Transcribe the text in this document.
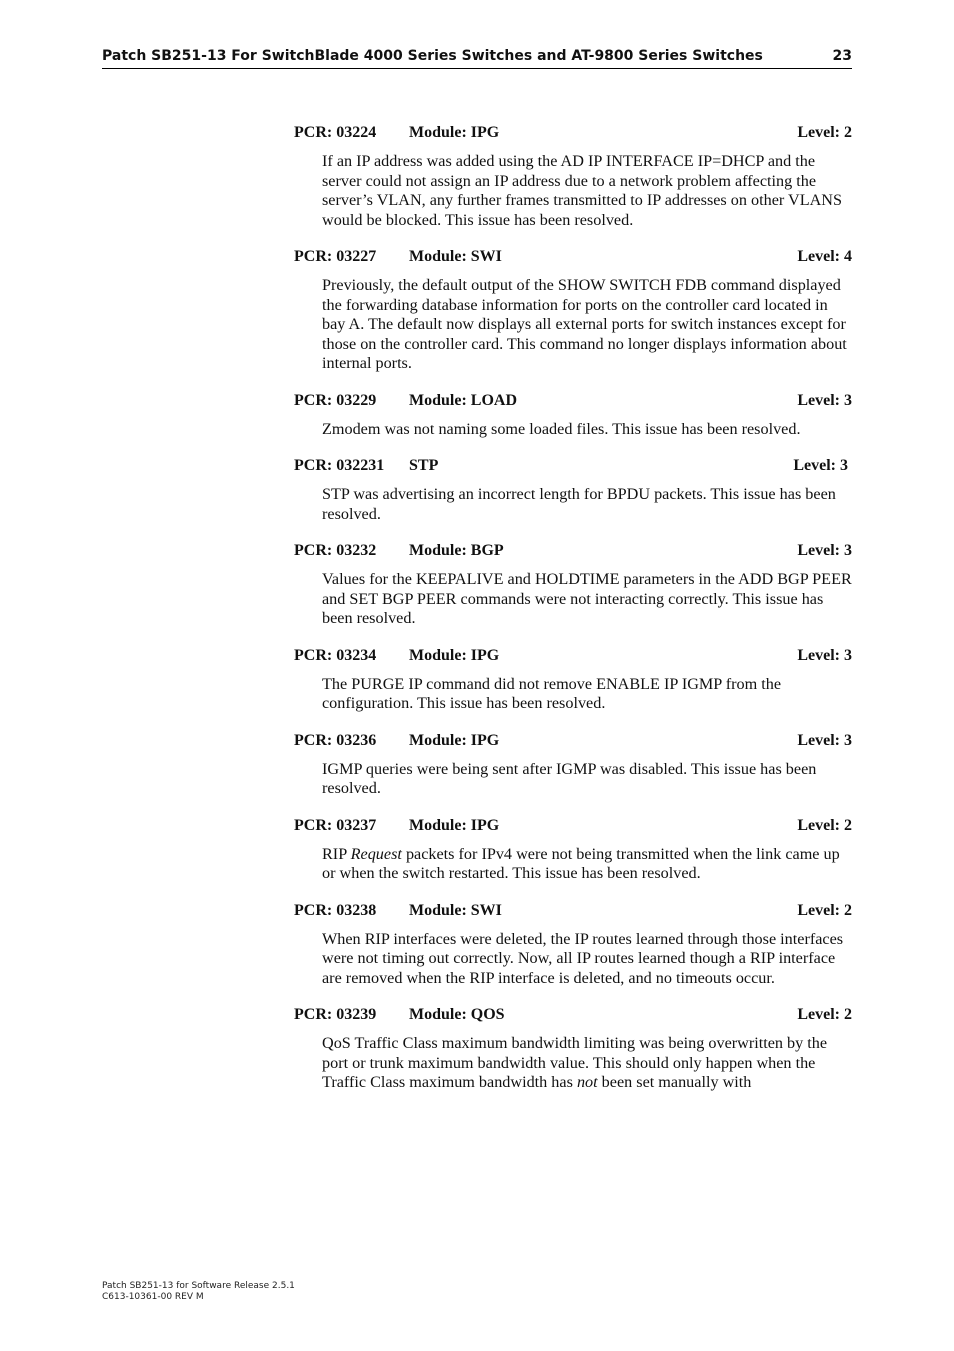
Patch SB251-13 For SwitchBlade 4000 Series Switches and AT-9800 Series Switches	23
PCR: 03224 Module: IPG	Level: 2
If an IP address was added using the AD IP INTERFACE IP=DHCP and the server could not assign an IP address due to a network problem affecting the server’s VLAN, any further frames transmitted to IP addresses on other VLANS would be blocked. This issue has been resolved.
PCR: 03227 Module: SWI	Level: 4
Previously, the default output of the SHOW SWITCH FDB command displayed the forwarding database information for ports on the controller card located in bay A. The default now displays all external ports for switch instances except for those on the controller card. This command no longer displays information about internal ports.
PCR: 03229 Module: LOAD	Level: 3
Zmodem was not naming some loaded files. This issue has been resolved.
PCR: 032231 STP	Level: 3
STP was advertising an incorrect length for BPDU packets. This issue has been resolved.
PCR: 03232 Module: BGP	Level: 3
Values for the KEEPALIVE and HOLDTIME parameters in the ADD BGP PEER and SET BGP PEER commands were not interacting correctly. This issue has been resolved.
PCR: 03234 Module: IPG	Level: 3
The PURGE IP command did not remove ENABLE IP IGMP from the configuration. This issue has been resolved.
PCR: 03236 Module: IPG	Level: 3
IGMP queries were being sent after IGMP was disabled. This issue has been resolved.
PCR: 03237 Module: IPG	Level: 2
RIP Request packets for IPv4 were not being transmitted when the link came up or when the switch restarted. This issue has been resolved.
PCR: 03238 Module: SWI	Level: 2
When RIP interfaces were deleted, the IP routes learned through those interfaces were not timing out correctly. Now, all IP routes learned though a RIP interface are removed when the RIP interface is deleted, and no timeouts occur.
PCR: 03239 Module: QOS	Level: 2
QoS Traffic Class maximum bandwidth limiting was being overwritten by the port or trunk maximum bandwidth value. This should only happen when the Traffic Class maximum bandwidth has not been set manually with
Patch SB251-13 for Software Release 2.5.1
C613-10361-00 REV M
